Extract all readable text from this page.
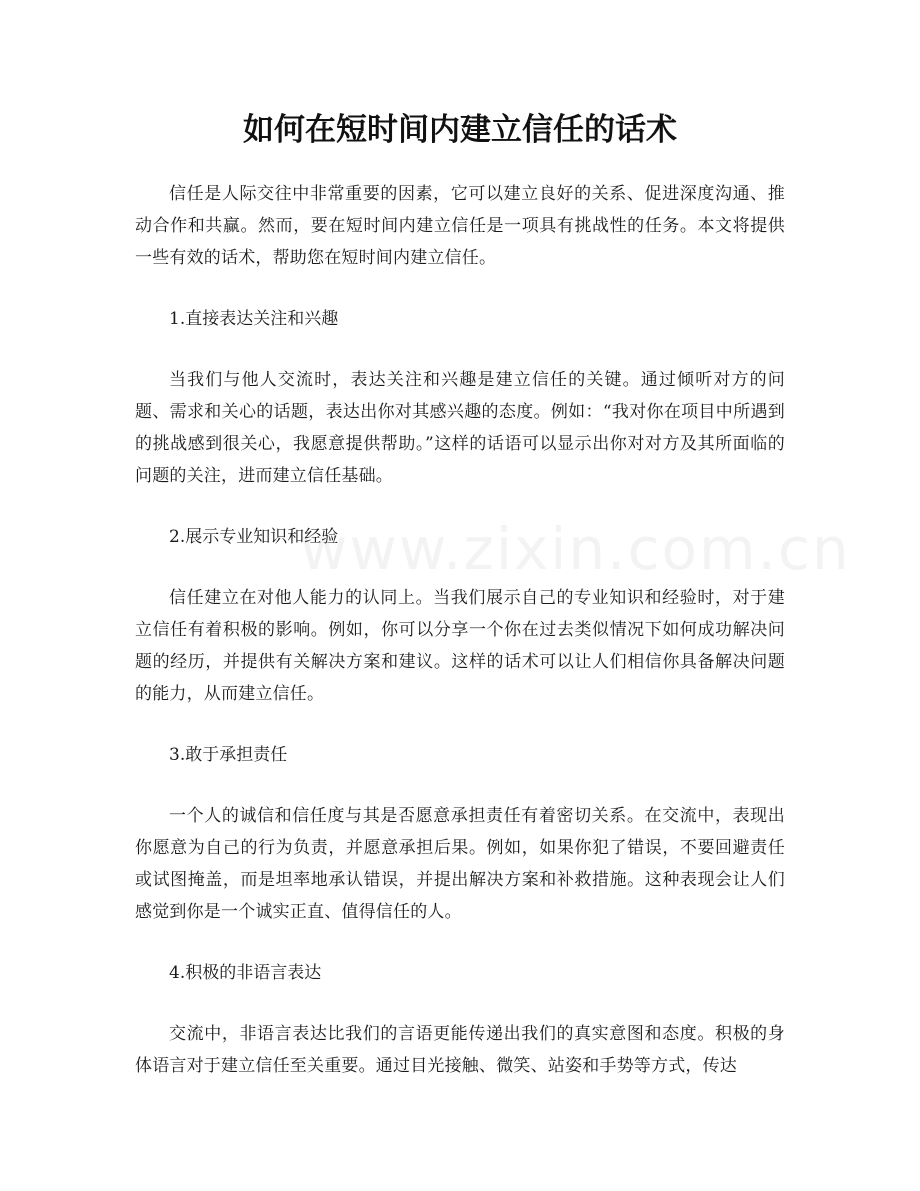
如何在短时间内建立信任的话术

信任是人际交往中非常重要的因素，它可以建立良好的关系、促进深度沟通、推动合作和共赢。然而，要在短时间内建立信任是一项具有挑战性的任务。本文将提供一些有效的话术，帮助您在短时间内建立信任。

1.直接表达关注和兴趣

当我们与他人交流时，表达关注和兴趣是建立信任的关键。通过倾听对方的问题、需求和关心的话题，表达出你对其感兴趣的态度。例如：“我对你在项目中所遇到的挑战感到很关心，我愿意提供帮助。”这样的话语可以显示出你对对方及其所面临的问题的关注，进而建立信任基础。

2.展示专业知识和经验

信任建立在对他人能力的认同上。当我们展示自己的专业知识和经验时，对于建立信任有着积极的影响。例如，你可以分享一个你在过去类似情况下如何成功解决问题的经历，并提供有关解决方案和建议。这样的话术可以让人们相信你具备解决问题的能力，从而建立信任。

3.敢于承担责任

一个人的诚信和信任度与其是否愿意承担责任有着密切关系。在交流中，表现出你愿意为自己的行为负责，并愿意承担后果。例如，如果你犯了错误，不要回避责任或试图掩盖，而是坦率地承认错误，并提出解决方案和补救措施。这种表现会让人们感觉到你是一个诚实正直、值得信任的人。

4.积极的非语言表达

交流中，非语言表达比我们的言语更能传递出我们的真实意图和态度。积极的身体语言对于建立信任至关重要。通过目光接触、微笑、站姿和手势等方式，传达

www.zixin.com.cn
